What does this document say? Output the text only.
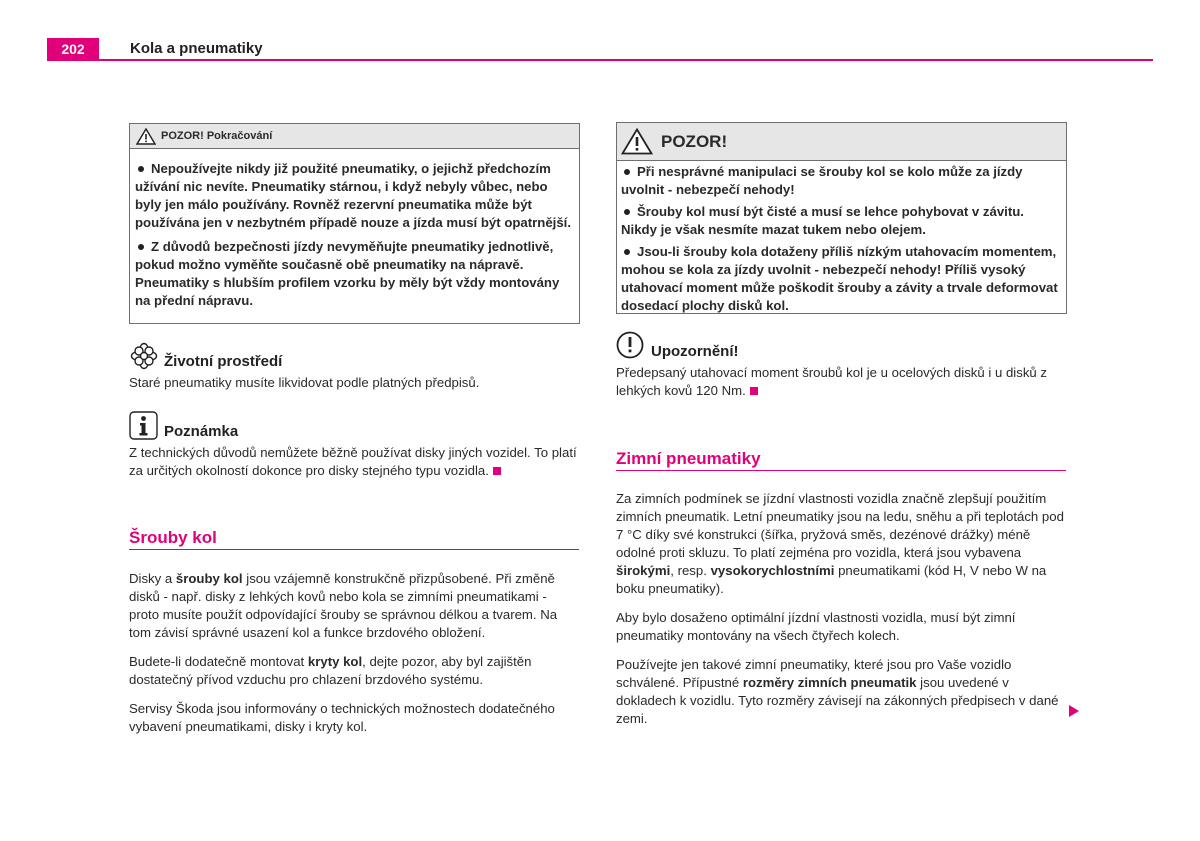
202	Kola a pneumatiky
POZOR! Pokračování

Nepoužívejte nikdy již použité pneumatiky, o jejichž předchozím užívání nic nevíte. Pneumatiky stárnou, i když nebyly vůbec, nebo byly jen málo používány. Rovněž rezervní pneumatika může být používána jen v nezbytném případě nouze a jízda musí být opatrnější.

Z důvodů bezpečnosti jízdy nevyměňujte pneumatiky jednotlivě, pokud možno vyměňte současně obě pneumatiky na nápravě. Pneumatiky s hlubším profilem vzorku by měly být vždy montovány na přední nápravu.

Životní prostředí
Staré pneumatiky musíte likvidovat podle platných předpisů.
Poznámka
Z technických důvodů nemůžete běžně používat disky jiných vozidel. To platí za určitých okolností dokonce pro disky stejného typu vozidla.
Šrouby kol

Disky a šrouby kol jsou vzájemně konstrukčně přizpůsobené. Při změně disků - např. disky z lehkých kovů nebo kola se zimními pneumatikami - proto musíte použít odpovídající šrouby se správnou délkou a tvarem. Na tom závisí správné usazení kol a funkce brzdového obložení.

Budete-li dodatečně montovat kryty kol, dejte pozor, aby byl zajištěn dostatečný přívod vzduchu pro chlazení brzdového systému.

Servisy Škoda jsou informovány o technických možnostech dodatečného vybavení pneumatikami, disky i kryty kol.

POZOR!

Při nesprávné manipulaci se šrouby kol se kolo může za jízdy uvolnit - nebezpečí nehody!

Šrouby kol musí být čisté a musí se lehce pohybovat v závitu. Nikdy je však nesmíte mazat tukem nebo olejem.

Jsou-li šrouby kola dotaženy příliš nízkým utahovacím momentem, mohou se kola za jízdy uvolnit - nebezpečí nehody! Příliš vysoký utahovací moment může poškodit šrouby a závity a trvale deformovat dosedací plochy disků kol.

Upozornění!
Předepsaný utahovací moment šroubů kol je u ocelových disků i u disků z lehkých kovů 120 Nm.
Zimní pneumatiky

Za zimních podmínek se jízdní vlastnosti vozidla značně zlepšují použitím zimních pneumatik. Letní pneumatiky jsou na ledu, sněhu a při teplotách pod 7 °C díky své konstrukci (šířka, pryžová směs, dezénové drážky) méně odolné proti skluzu. To platí zejména pro vozidla, která jsou vybavena širokými, resp. vysokorychlostními pneumatikami (kód H, V nebo W na boku pneumatiky).

Aby bylo dosaženo optimální jízdní vlastnosti vozidla, musí být zimní pneumatiky montovány na všech čtyřech kolech.

Používejte jen takové zimní pneumatiky, které jsou pro Vaše vozidlo schválené. Přípustné rozměry zimních pneumatik jsou uvedené v dokladech k vozidlu. Tyto rozměry závisejí na zákonných předpisech v dané zemi.
